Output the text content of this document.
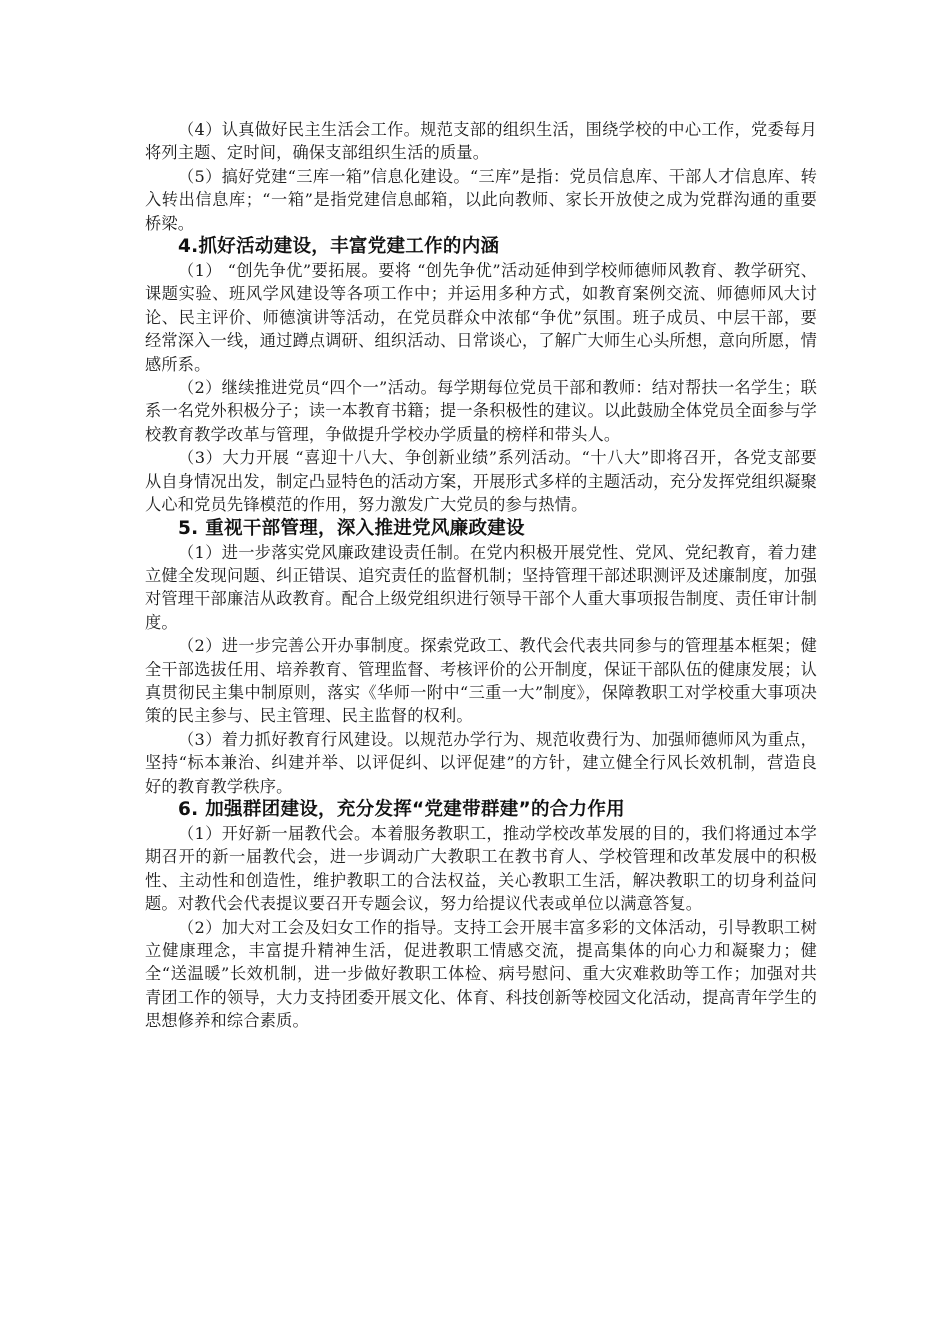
（4）认真做好民主生活会工作。规范支部的组织生活，围绕学校的中心工作，党委每月将列主题、定时间，确保支部组织生活的质量。

（5）搞好党建“三库一箱”信息化建设。“三库”是指：党员信息库、干部人才信息库、转入转出信息库；“一箱”是指党建信息邮箱，以此向教师、家长开放使之成为党群沟通的重要桥梁。

4.抓好活动建设，丰富党建工作的内涵

（1） “创先争优”要拓展。要将 “创先争优”活动延伸到学校师德师风教育、教学研究、课题实验、班风学风建设等各项工作中；并运用多种方式，如教育案例交流、师德师风大讨论、民主评价、师德演讲等活动，在党员群众中浓郁“争优”氛围。班子成员、中层干部，要经常深入一线，通过蹲点调研、组织活动、日常谈心，了解广大师生心头所想，意向所愿，情感所系。

（2）继续推进党员“四个一”活动。每学期每位党员干部和教师：结对帮扶一名学生；联系一名党外积极分子；读一本教育书籍；提一条积极性的建议。以此鼓励全体党员全面参与学校教育教学改革与管理，争做提升学校办学质量的榜样和带头人。

（3）大力开展 “喜迎十八大、争创新业绩”系列活动。“十八大”即将召开，各党支部要从自身情况出发，制定凸显特色的活动方案，开展形式多样的主题活动，充分发挥党组织凝聚人心和党员先锋模范的作用，努力激发广大党员的参与热情。

5. 重视干部管理，深入推进党风廉政建设

（1）进一步落实党风廉政建设责任制。在党内积极开展党性、党风、党纪教育，着力建立健全发现问题、纠正错误、追究责任的监督机制；坚持管理干部述职测评及述廉制度，加强对管理干部廉洁从政教育。配合上级党组织进行领导干部个人重大事项报告制度、责任审计制度。

（2）进一步完善公开办事制度。探索党政工、教代会代表共同参与的管理基本框架；健全干部选拔任用、培养教育、管理监督、考核评价的公开制度，保证干部队伍的健康发展；认真贯彻民主集中制原则，落实《华师一附中“三重一大”制度》，保障教职工对学校重大事项决策的民主参与、民主管理、民主监督的权利。

（3）着力抓好教育行风建设。以规范办学行为、规范收费行为、加强师德师风为重点，坚持“标本兼治、纠建并举、以评促纠、以评促建”的方针，建立健全行风长效机制，营造良好的教育教学秩序。

6. 加强群团建设，充分发挥“党建带群建”的合力作用

（1）开好新一届教代会。本着服务教职工，推动学校改革发展的目的，我们将通过本学期召开的新一届教代会，进一步调动广大教职工在教书育人、学校管理和改革发展中的积极性、主动性和创造性，维护教职工的合法权益，关心教职工生活，解决教职工的切身利益问题。对教代会代表提议要召开专题会议，努力给提议代表或单位以满意答复。

（2）加大对工会及妇女工作的指导。支持工会开展丰富多彩的文体活动，引导教职工树立健康理念，丰富提升精神生活，促进教职工情感交流，提高集体的向心力和凝聚力；健全“送温暖”长效机制，进一步做好教职工体检、病号慰问、重大灾难救助等工作；加强对共青团工作的领导，大力支持团委开展文化、体育、科技创新等校园文化活动，提高青年学生的思想修养和综合素质。
